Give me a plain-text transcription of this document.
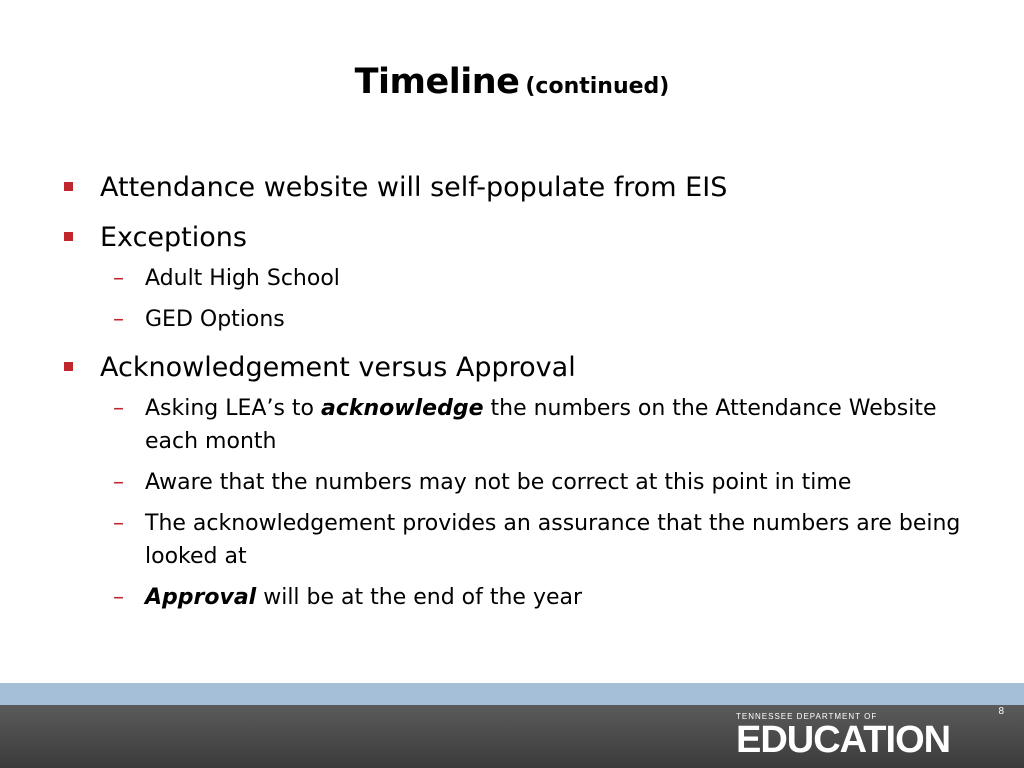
Timeline (continued)
Attendance website will self-populate from EIS
Exceptions
– Adult High School
– GED Options
Acknowledgement versus Approval
– Asking LEA’s to acknowledge the numbers on the Attendance Website each month
– Aware that the numbers may not be correct at this point in time
– The acknowledgement provides an assurance that the numbers are being looked at
– Approval will be at the end of the year
8
TENNESSEE DEPARTMENT OF
EDUCATION
